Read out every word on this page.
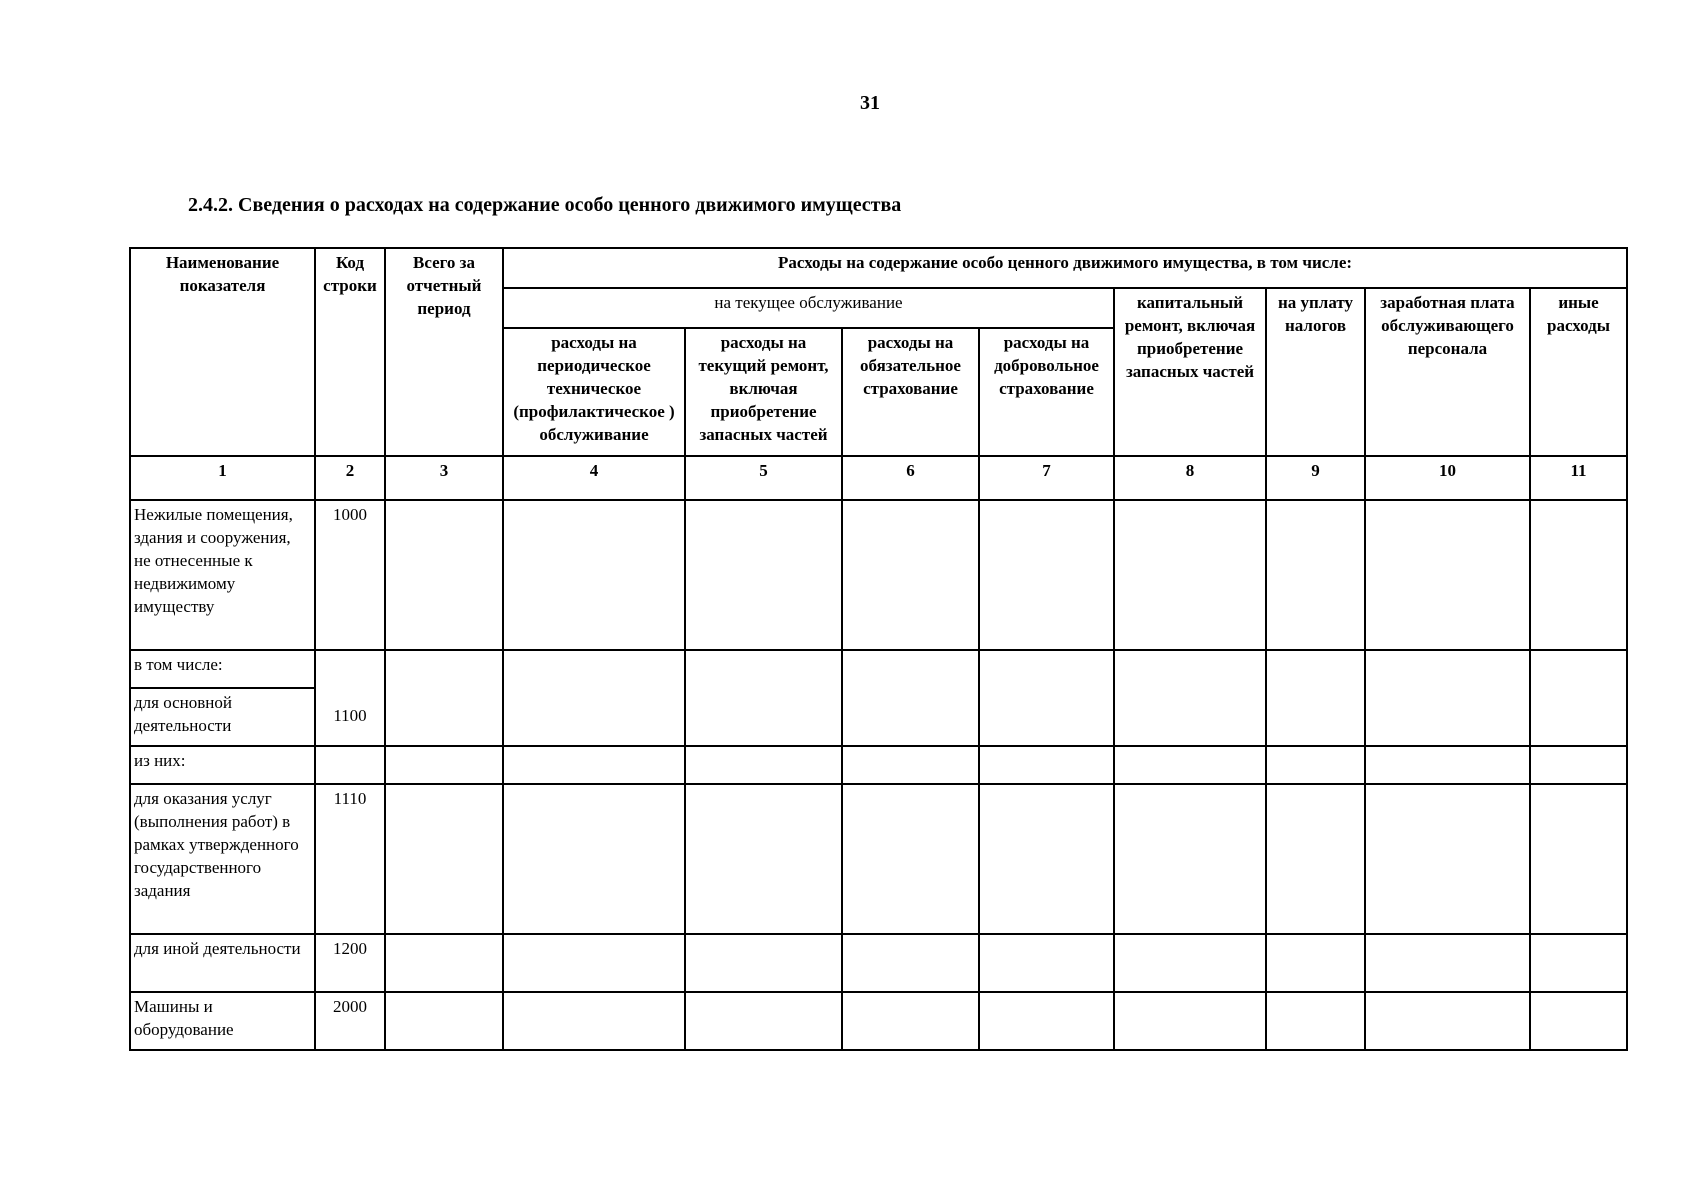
31
2.4.2. Сведения о расходах на содержание особо ценного движимого имущества
Наименование показателя	Код строки	Всего за отчетный период	Расходы на содержание особо ценного движимого имущества, в том числе:							
			на текущее обслуживание				капитальный ремонт, включая приобретение запасных частей	на уплату налогов	заработная плата обслуживающего персонала	иные расходы
			расходы на периодическое техническое (профилактическое ) обслуживание	расходы на текущий ремонт, включая приобретение запасных частей	расходы на обязательное страхование	расходы на добровольное страхование				
1	2	3	4	5	6	7	8	9	10	11
Нежилые помещения, здания и сооружения, не отнесенные к недвижимому имуществу	1000									
в том числе:	1100									
для основной деятельности										
из них:										
для оказания услуг (выполнения работ) в рамках утвержденного государственного задания	1110									
для иной деятельности	1200									
Машины и оборудование	2000									
